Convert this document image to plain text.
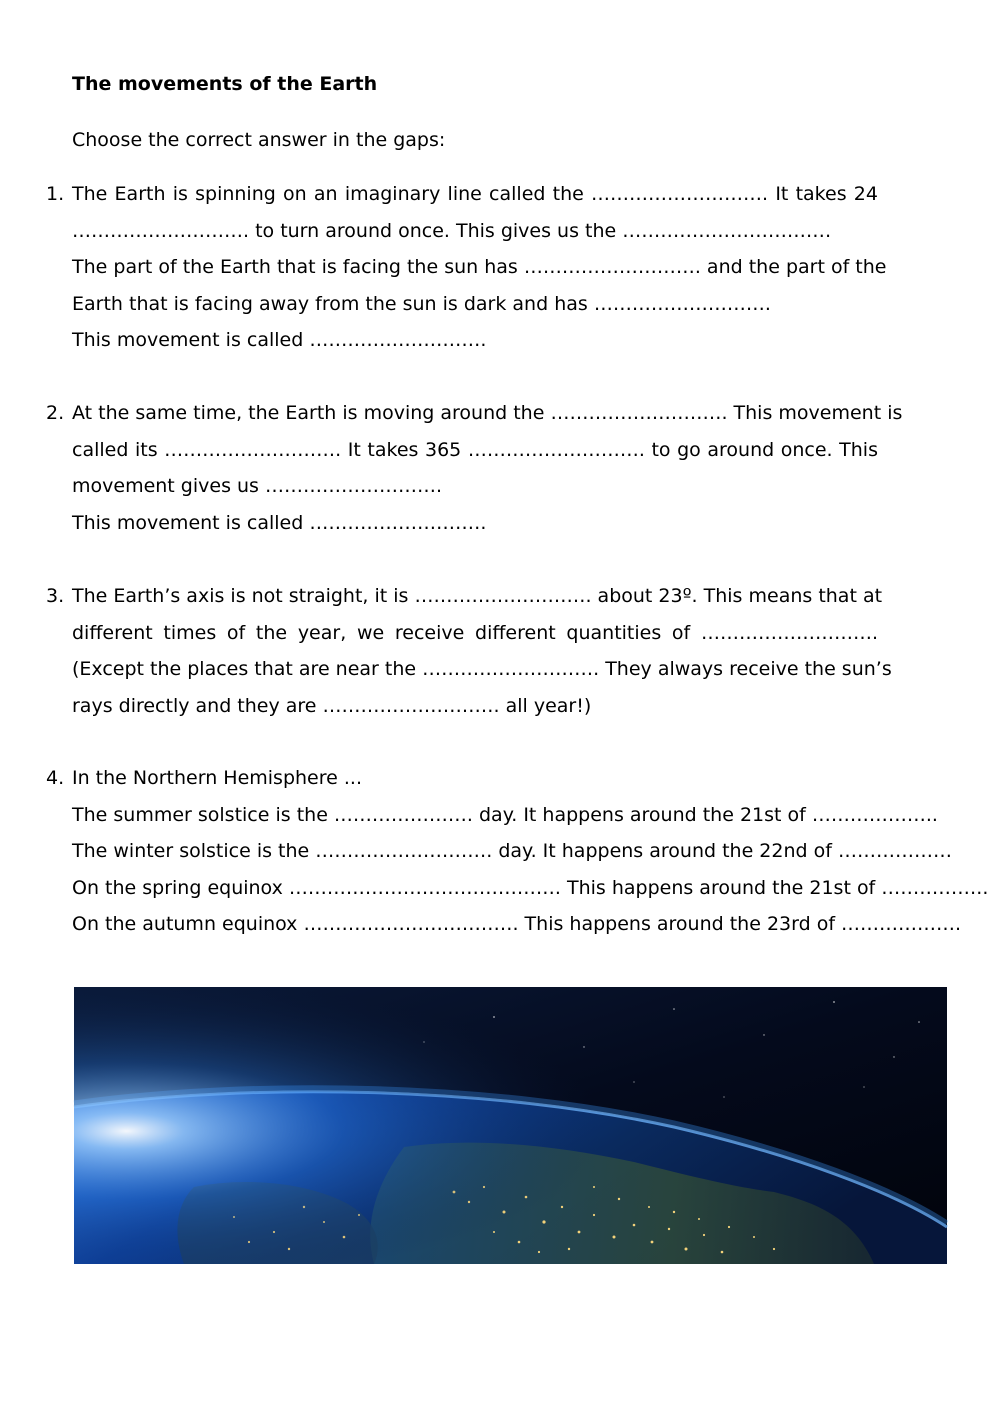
The movements of the Earth
Choose the correct answer in the gaps:
1. The Earth is spinning on an imaginary line called the ………………………. It takes 24
………………………. to turn around once. This gives us the ……………………………
The part of the Earth that is facing the sun has ………………………. and the part of the
Earth that is facing away from the sun is dark and has ……………………….
This movement is called ……………………….
2. At the same time, the Earth is moving around the ………………………. This movement is
called its ………………………. It takes 365 ………………………. to go around once. This
movement gives us ……………………….
This movement is called ……………………….
3. The Earth’s axis is not straight, it is ………………………. about 23º. This means that at
different times of the year, we receive different quantities of ……………………….
(Except the places that are near the ………………………. They always receive the sun’s
rays directly and they are ………………………. all year!)
4. In the Northern Hemisphere ...
The summer solstice is the …………………. day. It happens around the 21st of ………………..
The winter solstice is the ………………………. day. It happens around the 22nd of ………………
On the spring equinox ……………………………………. This happens around the 21st of ……………..
On the autumn equinox ……………………………. This happens around the 23rd of ……………….
